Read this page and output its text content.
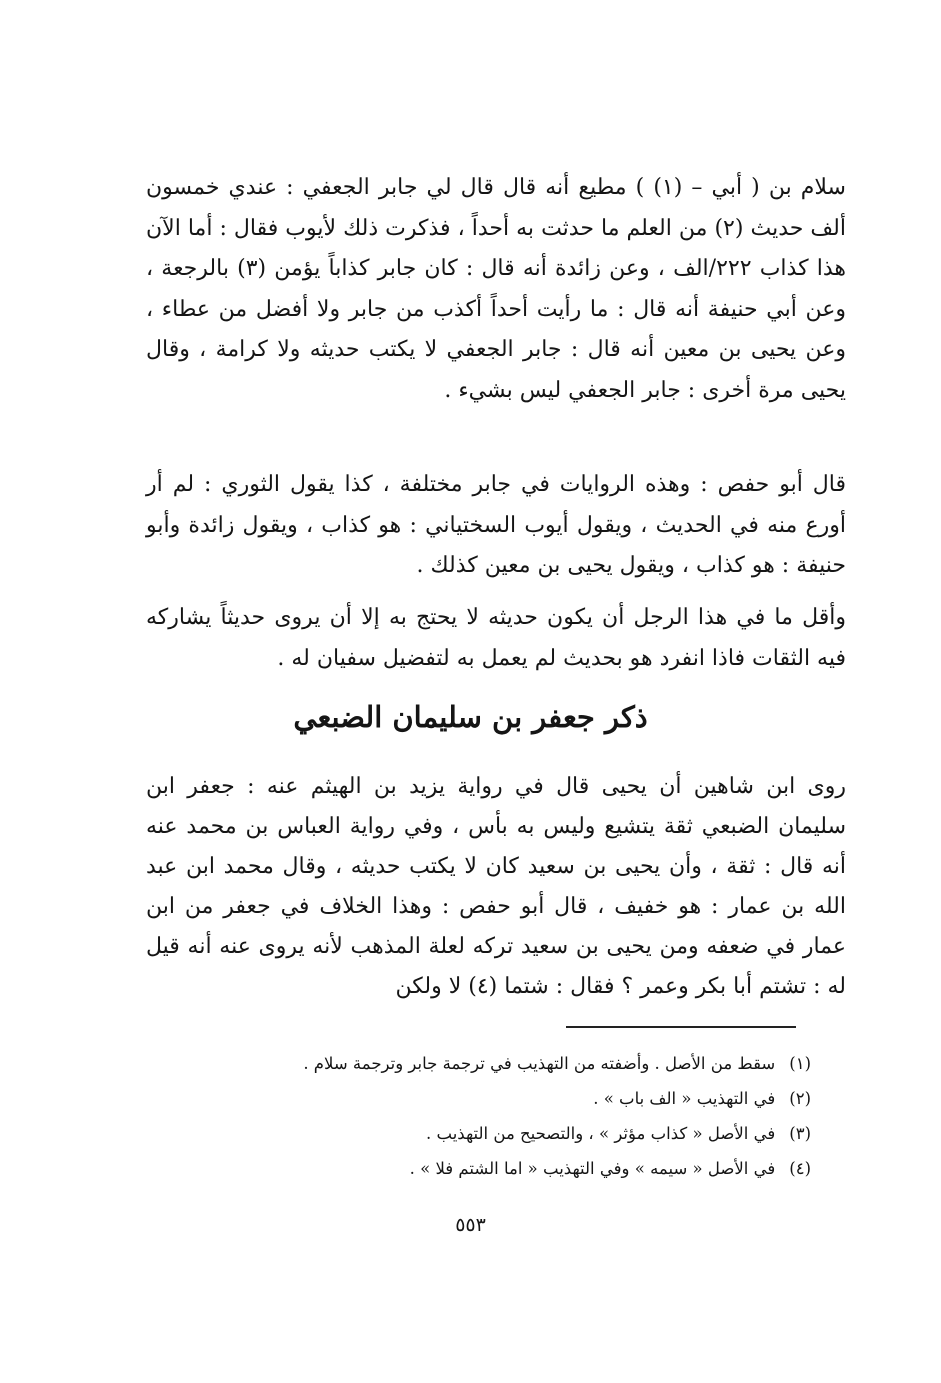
سلام بن ( أبي – (١) ) مطيع أنه قال قال لي جابر الجعفي : عندي خمسون ألف حديث (٢) من العلم ما حدثت به أحداً ، فذكرت ذلك لأيوب فقال : أما الآن هذا كذاب ٢٢٢/الف ، وعن زائدة أنه قال : كان جابر كذاباً يؤمن (٣) بالرجعة ، وعن أبي حنيفة أنه قال : ما رأيت أحداً أكذب من جابر ولا أفضل من عطاء ، وعن يحيى بن معين أنه قال : جابر الجعفي لا يكتب حديثه ولا كرامة ، وقال يحيى مرة أخرى : جابر الجعفي ليس بشيء .

قال أبو حفص : وهذه الروايات في جابر مختلفة ، كذا يقول الثوري : لم أر أورع منه في الحديث ، ويقول أيوب السختياني : هو كذاب ، ويقول زائدة وأبو حنيفة : هو كذاب ، ويقول يحيى بن معين كذلك .

وأقل ما في هذا الرجل أن يكون حديثه لا يحتج به إلا أن يروى حديثاً يشاركه فيه الثقات فاذا انفرد هو بحديث لم يعمل به لتفضيل سفيان له .

ذكر جعفر بن سليمان الضبعي

روى ابن شاهين أن يحيى قال في رواية يزيد بن الهيثم عنه : جعفر ابن سليمان الضبعي ثقة يتشيع وليس به بأس ، وفي رواية العباس بن محمد عنه أنه قال : ثقة ، وأن يحيى بن سعيد كان لا يكتب حديثه ، وقال محمد ابن عبد الله بن عمار : هو خفيف ، قال أبو حفص : وهذا الخلاف في جعفر من ابن عمار في ضعفه ومن يحيى بن سعيد تركه لعلة المذهب لأنه يروى عنه أنه قيل له : تشتم أبا بكر وعمر ؟ فقال : شتما (٤) لا ولكن

(١)سقط من الأصل . وأضفته من التهذيب في ترجمة جابر وترجمة سلام .
(٢)في التهذيب « الف باب » .
(٣)في الأصل « كذاب مؤثر » ، والتصحيح من التهذيب .
(٤)في الأصل « سيمه » وفي التهذيب « اما الشتم فلا » .
٥٥٣
